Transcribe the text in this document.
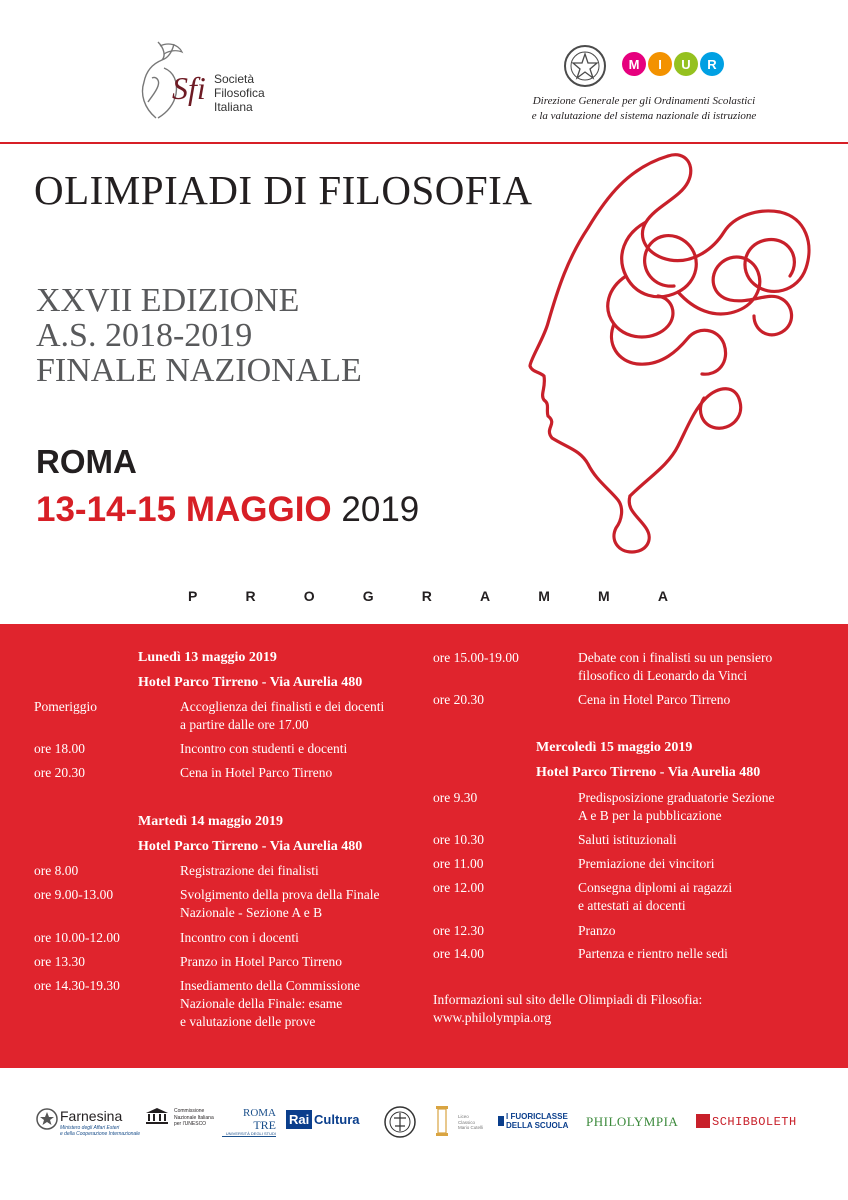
Sfi Società
Filosofica
Italiana
M	I	U	R
Direzione Generale per gli Ordinamenti Scolastici
e la valutazione del sistema nazionale di istruzione
OLIMPIADI DI FILOSOFIA
XXVII EDIZIONE
A.S. 2018-2019
FINALE NAZIONALE
ROMA
13-14-15 MAGGIO 2019
P	R	O	G	R	A	M	M	A
Lunedì 13 maggio 2019
Hotel Parco Tirreno - Via Aurelia 480
Pomeriggio	Accoglienza dei finalisti e dei docenti
a partire dalle ore 17.00
ore 18.00	Incontro con studenti e docenti
ore 20.30	Cena in Hotel Parco Tirreno
Martedì 14 maggio 2019
Hotel Parco Tirreno - Via Aurelia 480
ore 8.00	Registrazione dei finalisti
ore 9.00-13.00	Svolgimento della prova della Finale
Nazionale - Sezione A e B
ore 10.00-12.00	Incontro con i docenti
ore 13.30	Pranzo in Hotel Parco Tirreno
ore 14.30-19.30	Insediamento della Commissione
Nazionale della Finale: esame
e valutazione delle prove
ore 15.00-19.00	Debate con i finalisti su un pensiero
filosofico di Leonardo da Vinci
ore 20.30	Cena in Hotel Parco Tirreno
Mercoledì 15 maggio 2019
Hotel Parco Tirreno - Via Aurelia 480
ore 9.30	Predisposizione graduatorie Sezione
A e B per la pubblicazione
ore 10.30	Saluti istituzionali
ore 11.00	Premiazione dei vincitori
ore 12.00	Consegna diplomi ai ragazzi
e attestati ai docenti
ore 12.30	Pranzo
ore 14.00	Partenza e rientro nelle sedi
Informazioni sul sito delle Olimpiadi di Filosofia:
www.philolympia.org
Farnesina
Ministero degli Affari Esteri
e della Cooperazione Internazionale
Commissione
Nazionale Italiana
per l'UNESCO
ROMA
TRE
UNIVERSITÀ DEGLI STUDI
Rai Cultura	Liceo
Classico
Mario Cutelli
I FUORICLASSE
DELLA SCUOLA PHILOLYMPIA	SCHIBBOLETH
